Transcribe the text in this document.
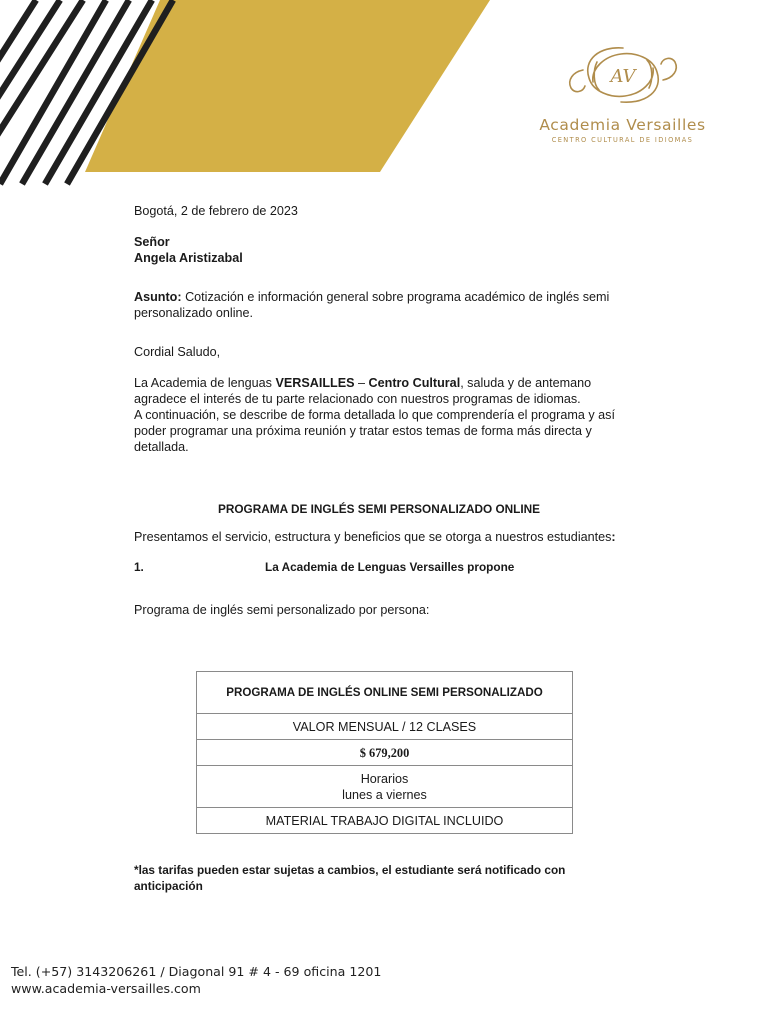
AV
Academia Versailles
CENTRO CULTURAL DE IDIOMAS

Bogotá, 2 de febrero de 2023

Señor

Angela Aristizabal

Asunto: Cotización e información general sobre programa académico de inglés semi personalizado online.

Cordial Saludo,

La Academia de lenguas VERSAILLES – Centro Cultural, saluda y de antemano agradece el interés de tu parte relacionado con nuestros programas de idiomas.

A continuación, se describe de forma detallada lo que comprendería el programa y así poder programar una próxima reunión y tratar estos temas de forma más directa y detallada.

PROGRAMA DE INGLÉS SEMI PERSONALIZADO ONLINE

Presentamos el servicio, estructura y beneficios que se otorga a nuestros estudiantes:

1.	La Academia de Lenguas Versailles propone

Programa de inglés semi personalizado por persona:

PROGRAMA DE INGLÉS ONLINE SEMI PERSONALIZADO
VALOR MENSUAL / 12 CLASES
$ 679,200

Horarios
lunes a viernes

MATERIAL TRABAJO DIGITAL INCLUIDO

*las tarifas pueden estar sujetas a cambios, el estudiante será notificado con anticipación

Tel. (+57) 3143206261 / Diagonal 91 # 4 - 69 oficina 1201
www.academia-versailles.com
